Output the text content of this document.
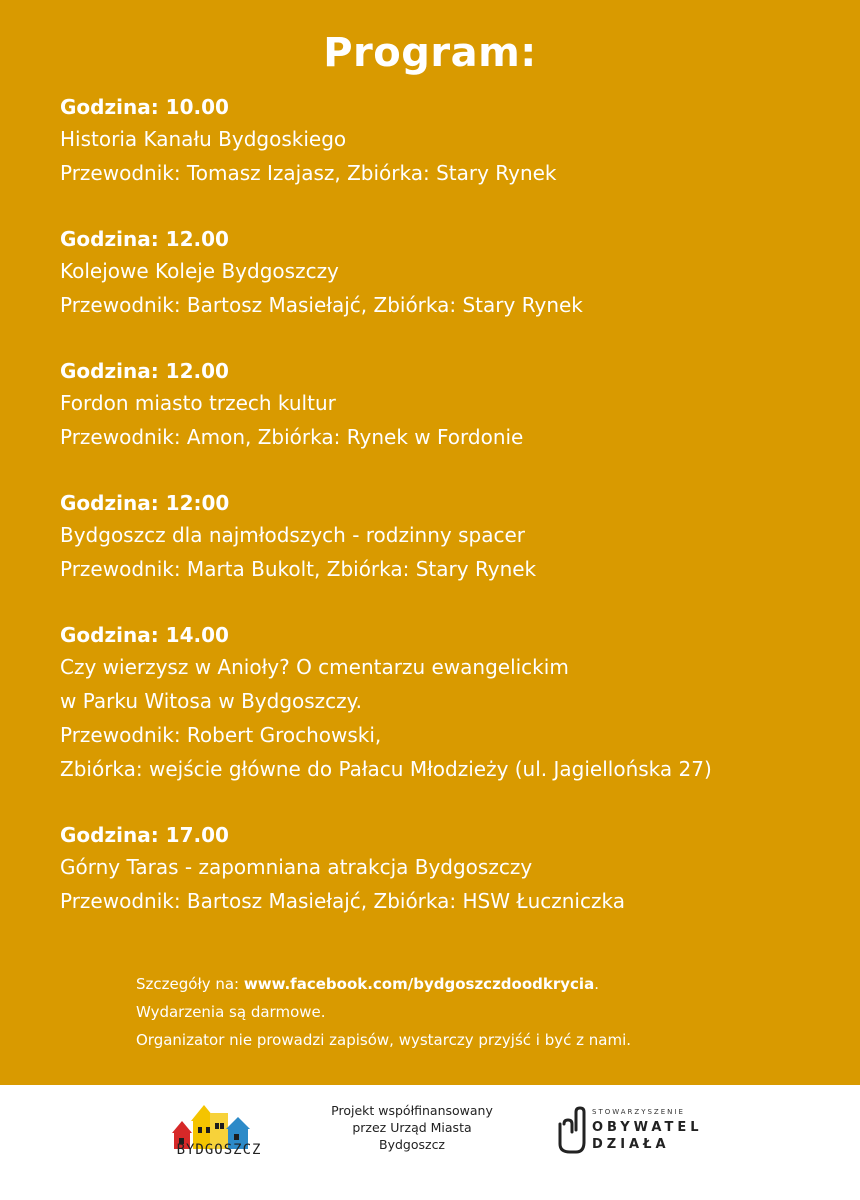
Program:
Godzina: 10.00
Historia Kanału Bydgoskiego
Przewodnik: Tomasz Izajasz, Zbiórka: Stary Rynek
Godzina: 12.00
Kolejowe Koleje Bydgoszczy
Przewodnik: Bartosz Masiełajć, Zbiórka: Stary Rynek
Godzina: 12.00
Fordon miasto trzech kultur
Przewodnik: Amon, Zbiórka: Rynek w Fordonie
Godzina: 12:00
Bydgoszcz dla najmłodszych - rodzinny spacer
Przewodnik: Marta Bukolt, Zbiórka: Stary Rynek
Godzina: 14.00
Czy wierzysz w Anioły? O cmentarzu ewangelickim
w Parku Witosa w Bydgoszczy.
Przewodnik: Robert Grochowski,
Zbiórka: wejście główne do Pałacu Młodzieży (ul. Jagiellońska 27)
Godzina: 17.00
Górny Taras - zapomniana atrakcja Bydgoszczy
Przewodnik: Bartosz Masiełajć, Zbiórka: HSW Łuczniczka
Szczegóły na: www.facebook.com/bydgoszczdoodkrycia.
Wydarzenia są darmowe.
Organizator nie prowadzi zapisów, wystarczy przyjść i być z nami.
BYDGOSZCZ
Projekt współfinansowany
przez Urząd Miasta
Bydgoszcz
STOWARZYSZENIE
OBYWATEL
DZIAŁA
